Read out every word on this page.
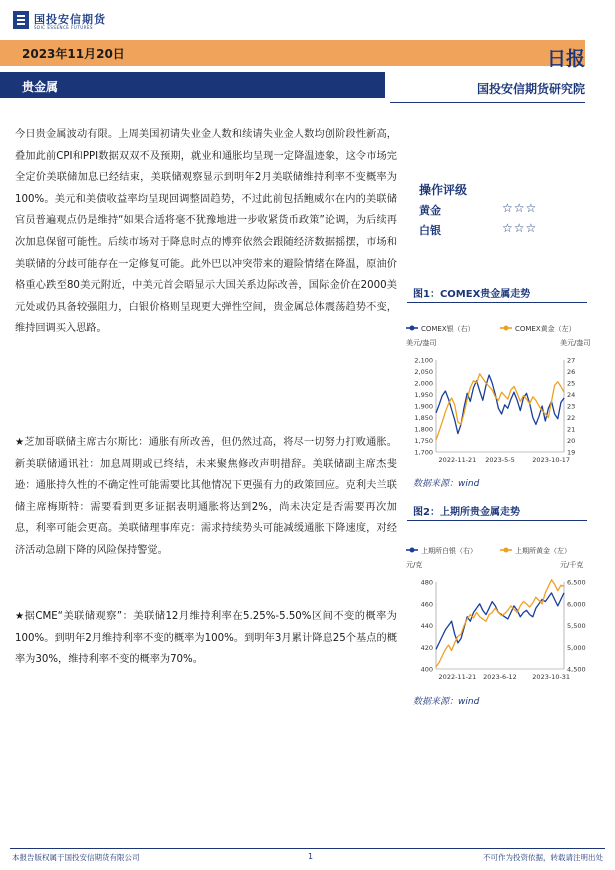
国投安信期货
SDIC ESSENCE FUTURES
2023年11月20日	日报
贵金属	国投安信期货研究院

今日贵金属波动有限。上周美国初请失业金人数和续请失业金人数均创阶段性新高，叠加此前CPI和PPI数据双双不及预期，就业和通胀均呈现一定降温迹象，这令市场完全定价美联储加息已经结束，美联储观察显示到明年2月美联储维持利率不变概率为100%。美元和美债收益率均呈现回调整固趋势，不过此前包括鲍威尔在内的美联储官员普遍观点仍是维持“如果合适将毫不犹豫地进一步收紧货币政策”论调，为后续再次加息保留可能性。后续市场对于降息时点的博弈依然会跟随经济数据摇摆，市场和美联储的分歧可能存在一定修复可能。此外巴以冲突带来的避险情绪在降温，原油价格重心跌至80美元附近，中美元首会晤显示大国关系边际改善，国际金价在2000美元处或仍具备较强阻力，白银价格则呈现更大弹性空间，贵金属总体震荡趋势不变，维持回调买入思路。

★芝加哥联储主席古尔斯比：通胀有所改善，但仍然过高，将尽一切努力打败通胀。新美联储通讯社：加息周期或已终结，未来聚焦修改声明措辞。美联储副主席杰斐逊：通胀持久性的不确定性可能需要比其他情况下更强有力的政策回应。克利夫兰联储主席梅斯特：需要看到更多证据表明通胀将达到2%，尚未决定是否需要再次加息，利率可能会更高。美联储理事库克：需求持续势头可能减缓通胀下降速度，对经济活动急剧下降的风险保持警觉。

★据CME“美联储观察”：美联储12月维持利率在5.25%-5.50%区间不变的概率为100%。到明年2月维持利率不变的概率为100%。到明年3月累计降息25个基点的概率为30%，维持利率不变的概率为70%。

操作评级
黄金	☆☆☆
白银	☆☆☆
图1：COMEX贵金属走势
COMEX银（右）	COMEX黄金（左）
美元/盎司	美元/盎司
1,700
1,750
1,800
1,850
1,900
1,950
2,000
2,050
2,100
19
20
21
22
23
24
25
26
27
2022-11-21 2023-5-5	2023-10-17
数据来源：wind
图2：上期所贵金属走势
上期所白银（右）	上期所黄金（左）
元/克	元/千克
400
420
440
460
480
4,500
5,000
5,500
6,000
6,500
2022-11-21 2023-6-12 2023-10-31
数据来源：wind
本报告版权属于国投安信期货有限公司	1	不可作为投资依据，转载请注明出处
